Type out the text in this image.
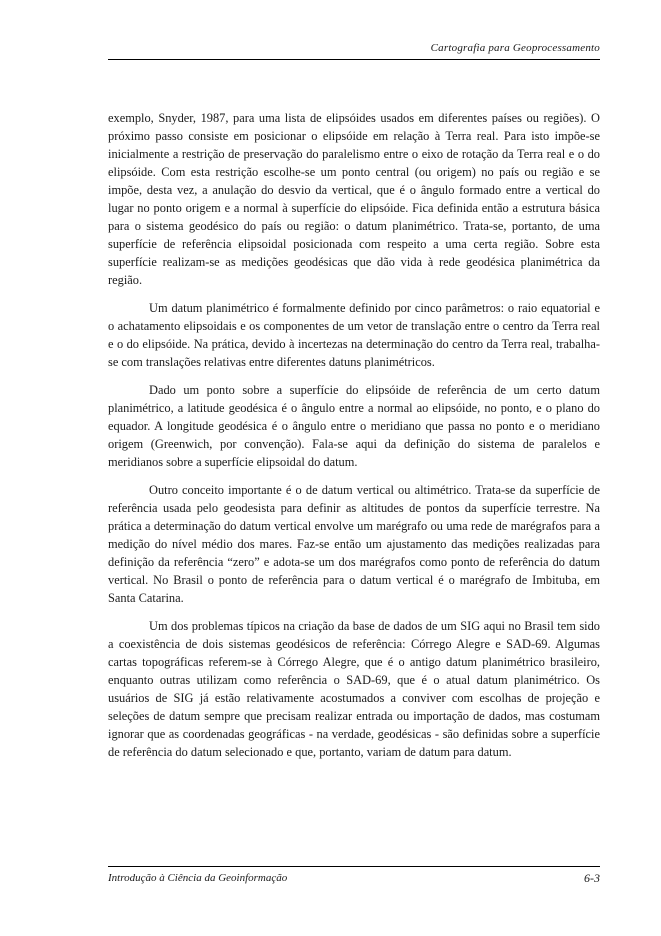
Cartografia para Geoprocessamento

exemplo, Snyder, 1987, para uma lista de elipsóides usados em diferentes países ou regiões). O próximo passo consiste em posicionar o elipsóide em relação à Terra real. Para isto impõe-se inicialmente a restrição de preservação do paralelismo entre o eixo de rotação da Terra real e o do elipsóide. Com esta restrição escolhe-se um ponto central (ou origem) no país ou região e se impõe, desta vez, a anulação do desvio da vertical, que é o ângulo formado entre a vertical do lugar no ponto origem e a normal à superfície do elipsóide. Fica definida então a estrutura básica para o sistema geodésico do país ou região: o datum planimétrico. Trata-se, portanto, de uma superfície de referência elipsoidal posicionada com respeito a uma certa região. Sobre esta superfície realizam-se as medições geodésicas que dão vida à rede geodésica planimétrica da região.

Um datum planimétrico é formalmente definido por cinco parâmetros: o raio equatorial e o achatamento elipsoidais e os componentes de um vetor de translação entre o centro da Terra real e o do elipsóide. Na prática, devido à incertezas na determinação do centro da Terra real, trabalha-se com translações relativas entre diferentes datuns planimétricos.

Dado um ponto sobre a superfície do elipsóide de referência de um certo datum planimétrico, a latitude geodésica é o ângulo entre a normal ao elipsóide, no ponto, e o plano do equador. A longitude geodésica é o ângulo entre o meridiano que passa no ponto e o meridiano origem (Greenwich, por convenção). Fala-se aqui da definição do sistema de paralelos e meridianos sobre a superfície elipsoidal do datum.

Outro conceito importante é o de datum vertical ou altimétrico. Trata-se da superfície de referência usada pelo geodesista para definir as altitudes de pontos da superfície terrestre. Na prática a determinação do datum vertical envolve um marégrafo ou uma rede de marégrafos para a medição do nível médio dos mares. Faz-se então um ajustamento das medições realizadas para definição da referência “zero” e adota-se um dos marégrafos como ponto de referência do datum vertical. No Brasil o ponto de referência para o datum vertical é o marégrafo de Imbituba, em Santa Catarina.

Um dos problemas típicos na criação da base de dados de um SIG aqui no Brasil tem sido a coexistência de dois sistemas geodésicos de referência: Córrego Alegre e SAD-69. Algumas cartas topográficas referem-se à Córrego Alegre, que é o antigo datum planimétrico brasileiro, enquanto outras utilizam como referência o SAD-69, que é o atual datum planimétrico. Os usuários de SIG já estão relativamente acostumados a conviver com escolhas de projeção e seleções de datum sempre que precisam realizar entrada ou importação de dados, mas costumam ignorar que as coordenadas geográficas - na verdade, geodésicas - são definidas sobre a superfície de referência do datum selecionado e que, portanto, variam de datum para datum.

Introdução à Ciência da Geoinformação	6-3
